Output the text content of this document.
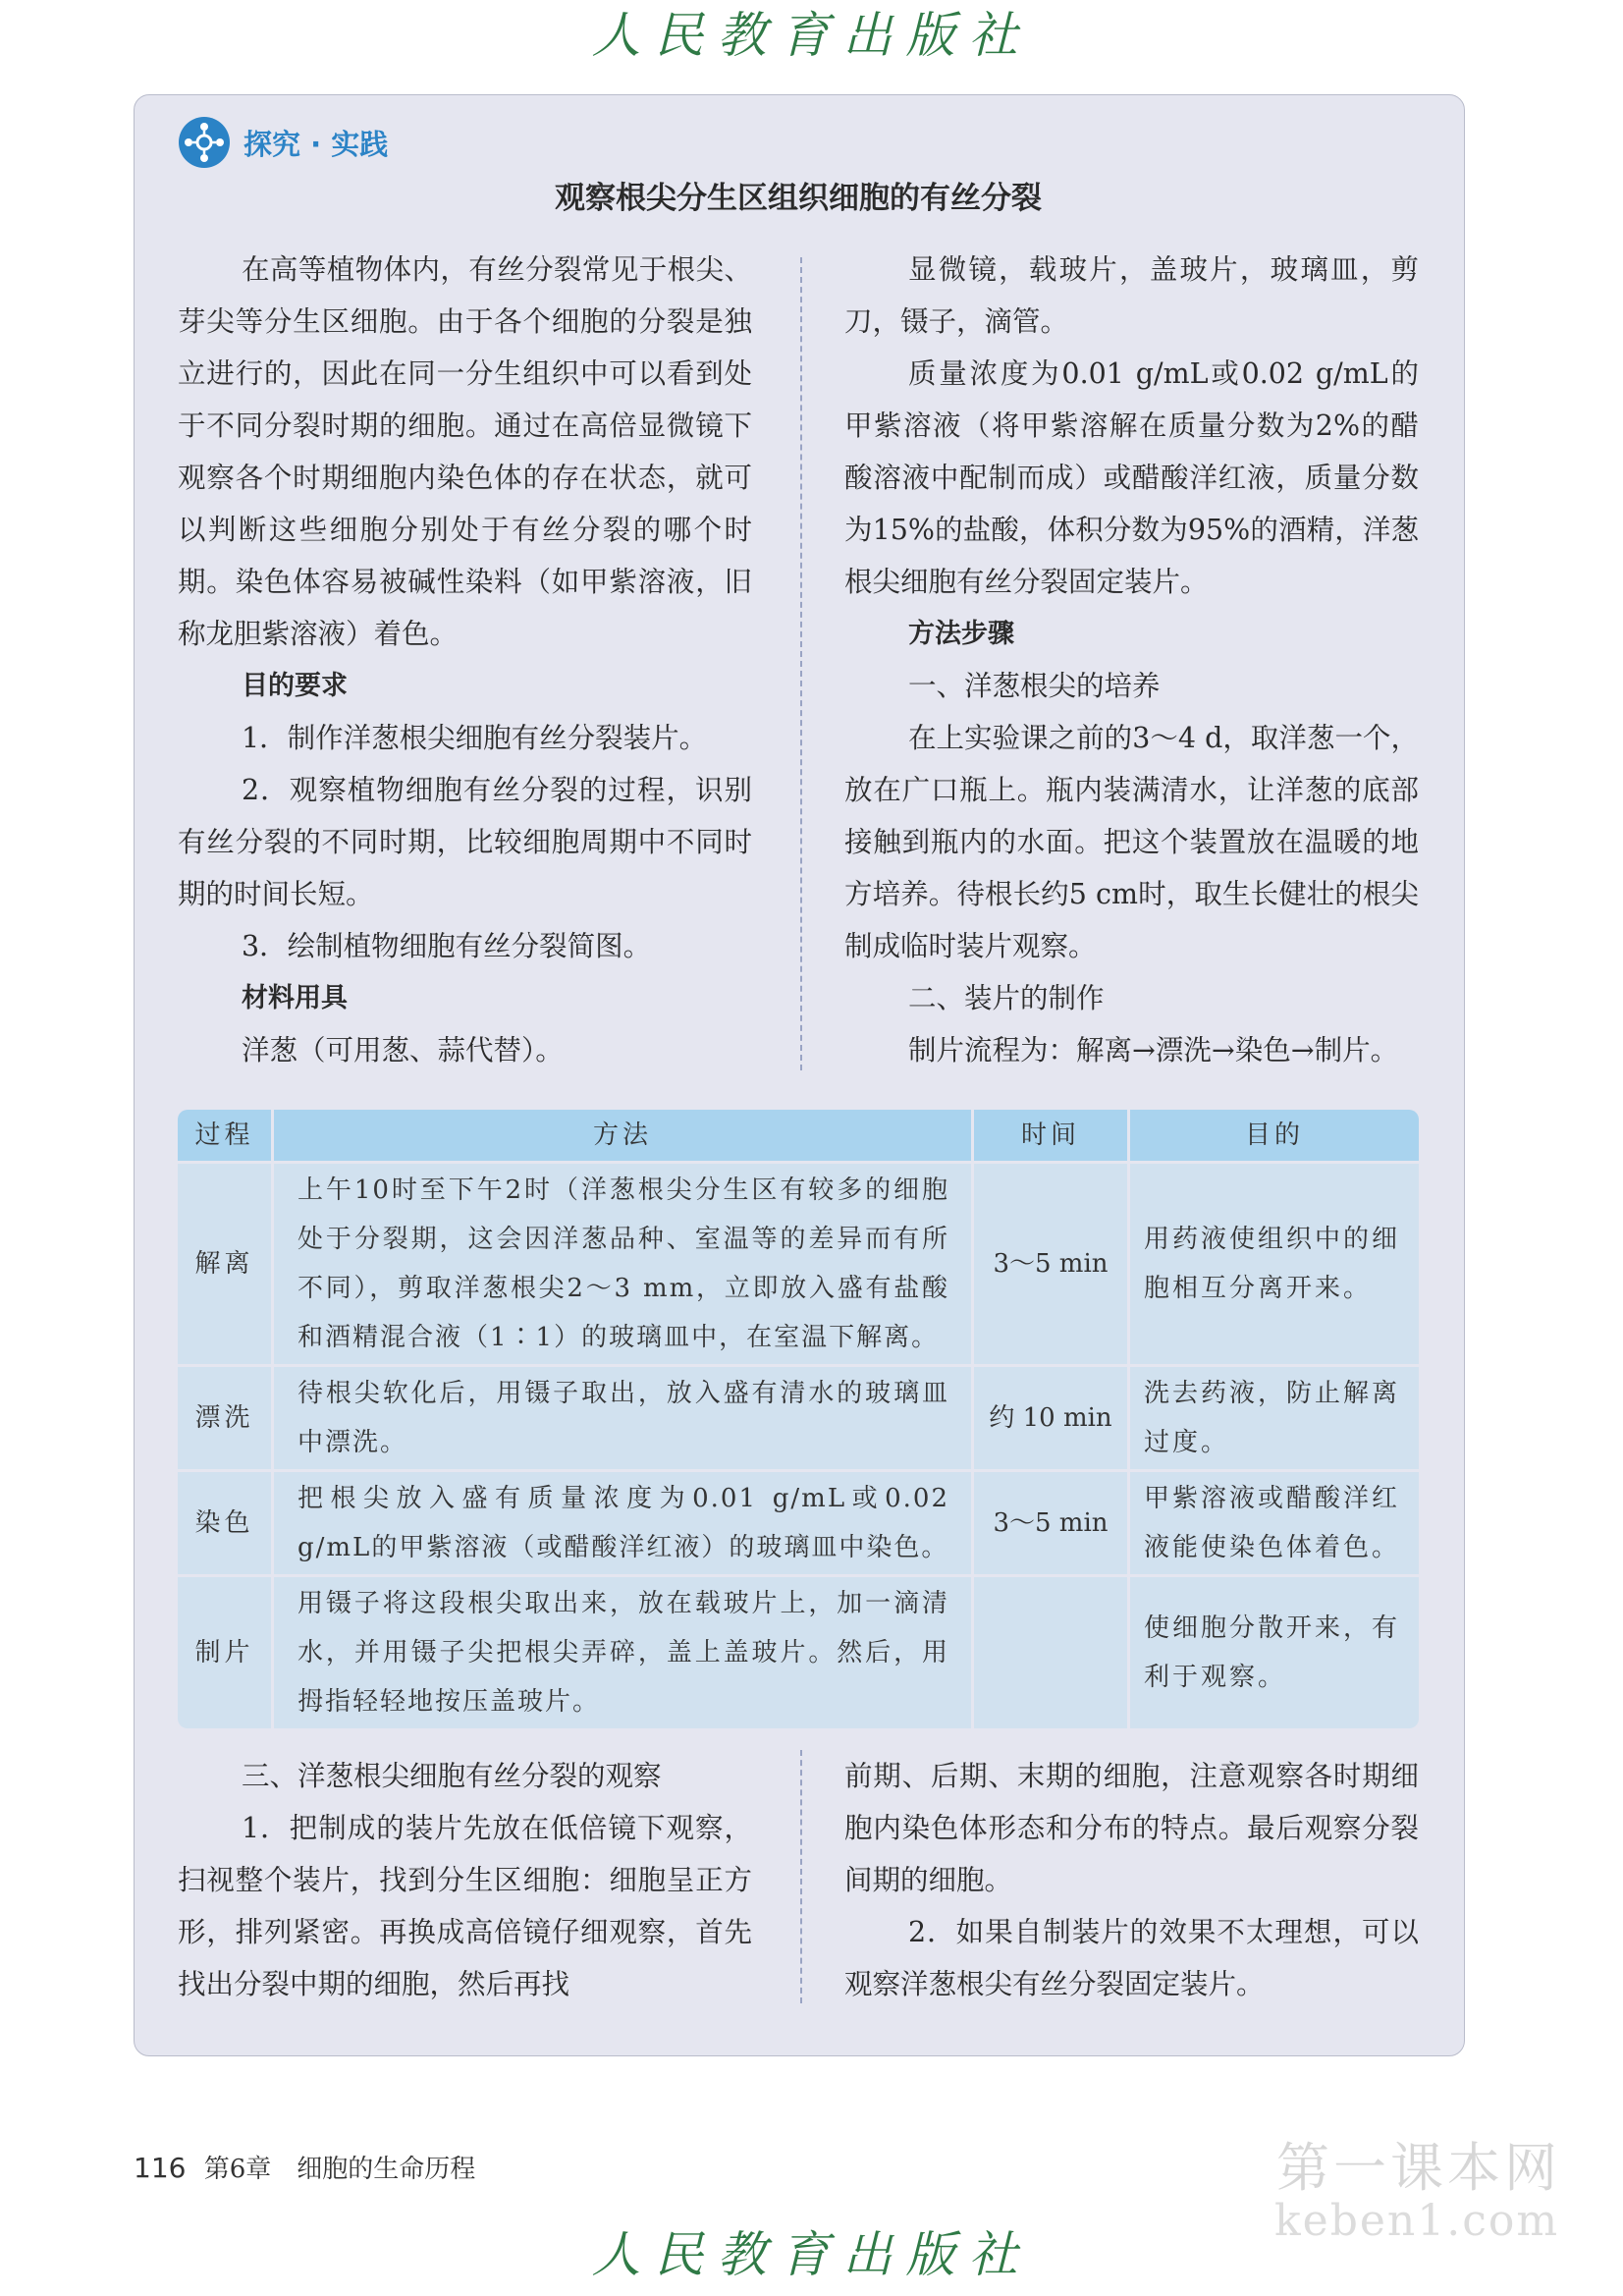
人民教育出版社
探究 · 实践
观察根尖分生区组织细胞的有丝分裂

在高等植物体内，有丝分裂常见于根尖、芽尖等分生区细胞。由于各个细胞的分裂是独立进行的，因此在同一分生组织中可以看到处于不同分裂时期的细胞。通过在高倍显微镜下观察各个时期细胞内染色体的存在状态，就可以判断这些细胞分别处于有丝分裂的哪个时期。染色体容易被碱性染料（如甲紫溶液，旧称龙胆紫溶液）着色。

目的要求

1．制作洋葱根尖细胞有丝分裂装片。

2．观察植物细胞有丝分裂的过程，识别有丝分裂的不同时期，比较细胞周期中不同时期的时间长短。

3．绘制植物细胞有丝分裂简图。

材料用具

洋葱（可用葱、蒜代替）。

显微镜，载玻片，盖玻片，玻璃皿，剪刀，镊子，滴管。

质量浓度为0.01 g/mL或0.02 g/mL的甲紫溶液（将甲紫溶解在质量分数为2%的醋酸溶液中配制而成）或醋酸洋红液，质量分数为15%的盐酸，体积分数为95%的酒精，洋葱根尖细胞有丝分裂固定装片。

方法步骤

一、洋葱根尖的培养

在上实验课之前的3～4 d，取洋葱一个，放在广口瓶上。瓶内装满清水，让洋葱的底部接触到瓶内的水面。把这个装置放在温暖的地方培养。待根长约5 cm时，取生长健壮的根尖制成临时装片观察。

二、装片的制作

制片流程为：解离→漂洗→染色→制片。

过程	方法	时间	目的
解离	上午10时至下午2时（洋葱根尖分生区有较多的细胞处于分裂期，这会因洋葱品种、室温等的差异而有所不同），剪取洋葱根尖2～3 mm，立即放入盛有盐酸和酒精混合液（1∶1）的玻璃皿中，在室温下解离。	3～5 min	用药液使组织中的细胞相互分离开来。
漂洗	待根尖软化后，用镊子取出，放入盛有清水的玻璃皿中漂洗。	约 10 min	洗去药液，防止解离过度。
染色	把根尖放入盛有质量浓度为0.01 g/mL或0.02 g/mL的甲紫溶液（或醋酸洋红液）的玻璃皿中染色。	3～5 min	甲紫溶液或醋酸洋红液能使染色体着色。
制片	用镊子将这段根尖取出来，放在载玻片上，加一滴清水，并用镊子尖把根尖弄碎，盖上盖玻片。然后，用拇指轻轻地按压盖玻片。		使细胞分散开来，有利于观察。

三、洋葱根尖细胞有丝分裂的观察

1．把制成的装片先放在低倍镜下观察，扫视整个装片，找到分生区细胞：细胞呈正方形，排列紧密。再换成高倍镜仔细观察，首先找出分裂中期的细胞，然后再找

前期、后期、末期的细胞，注意观察各时期细胞内染色体形态和分布的特点。最后观察分裂间期的细胞。

2．如果自制装片的效果不太理想，可以观察洋葱根尖有丝分裂固定装片。

116 第6章　细胞的生命历程	第一课本网
keben1.com
人民教育出版社
